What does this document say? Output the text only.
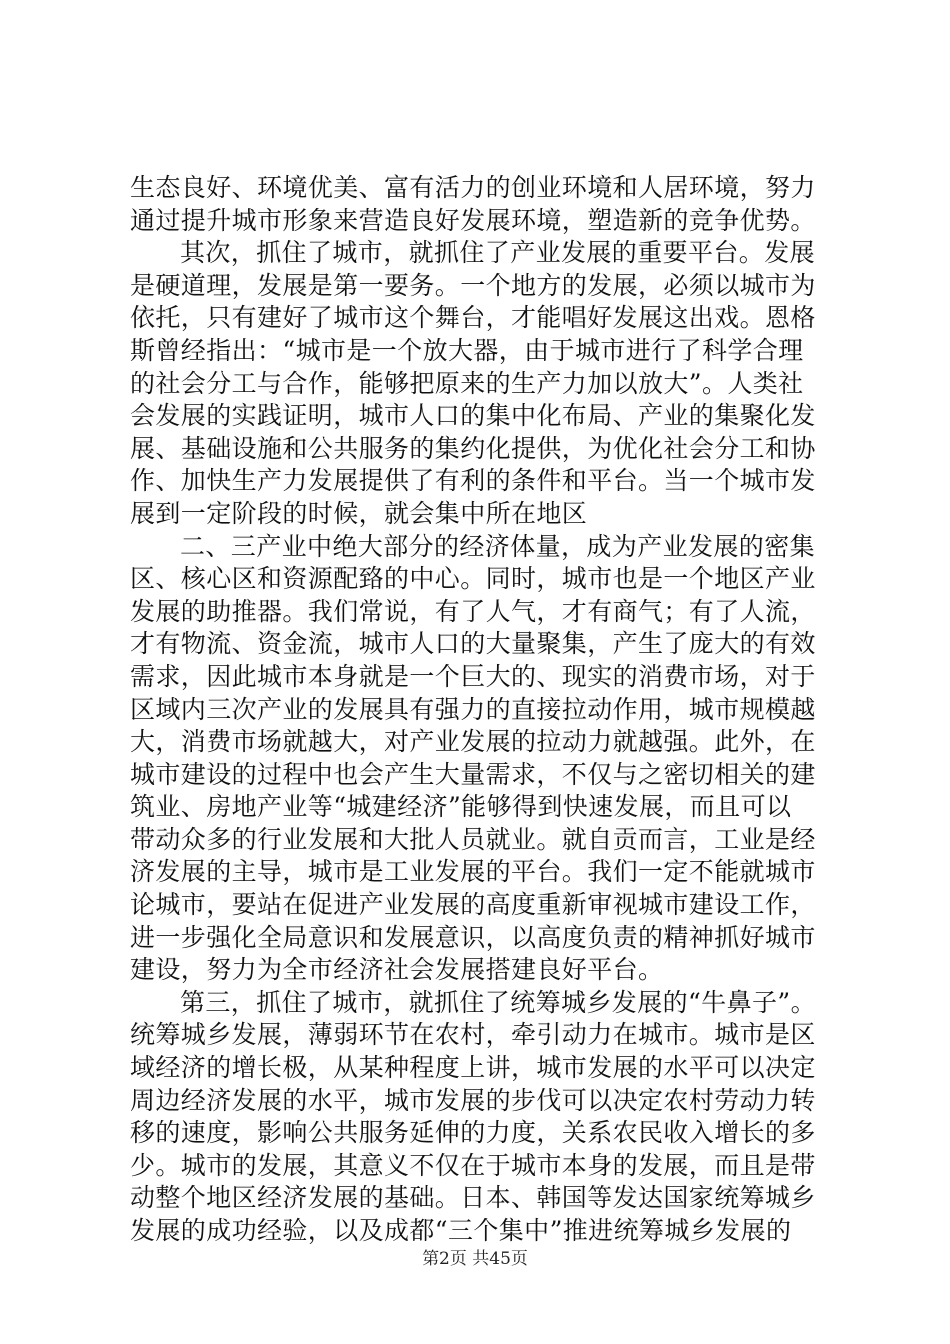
生态良好、环境优美、富有活力的创业环境和人居环境，努力
通过提升城市形象来营造良好发展环境，塑造新的竞争优势。
其次，抓住了城市，就抓住了产业发展的重要平台。发展
是硬道理，发展是第一要务。一个地方的发展，必须以城市为
依托，只有建好了城市这个舞台，才能唱好发展这出戏。恩格
斯曾经指出：“城市是一个放大器，由于城市进行了科学合理
的社会分工与合作，能够把原来的生产力加以放大”。人类社
会发展的实践证明，城市人口的集中化布局、产业的集聚化发
展、基础设施和公共服务的集约化提供，为优化社会分工和协
作、加快生产力发展提供了有利的条件和平台。当一个城市发
展到一定阶段的时候，就会集中所在地区
二、三产业中绝大部分的经济体量，成为产业发展的密集
区、核心区和资源配臵的中心。同时，城市也是一个地区产业
发展的助推器。我们常说，有了人气，才有商气；有了人流，
才有物流、资金流，城市人口的大量聚集，产生了庞大的有效
需求，因此城市本身就是一个巨大的、现实的消费市场，对于
区域内三次产业的发展具有强力的直接拉动作用，城市规模越
大，消费市场就越大，对产业发展的拉动力就越强。此外，在
城市建设的过程中也会产生大量需求，不仅与之密切相关的建
筑业、房地产业等“城建经济”能够得到快速发展，而且可以
带动众多的行业发展和大批人员就业。就自贡而言，工业是经
济发展的主导，城市是工业发展的平台。我们一定不能就城市
论城市，要站在促进产业发展的高度重新审视城市建设工作，
进一步强化全局意识和发展意识，以高度负责的精神抓好城市
建设，努力为全市经济社会发展搭建良好平台。
第三，抓住了城市，就抓住了统筹城乡发展的“牛鼻子”。
统筹城乡发展，薄弱环节在农村，牵引动力在城市。城市是区
域经济的增长极，从某种程度上讲，城市发展的水平可以决定
周边经济发展的水平，城市发展的步伐可以决定农村劳动力转
移的速度，影响公共服务延伸的力度，关系农民收入增长的多
少。城市的发展，其意义不仅在于城市本身的发展，而且是带
动整个地区经济发展的基础。日本、韩国等发达国家统筹城乡
发展的成功经验，以及成都“三个集中”推进统筹城乡发展的
第2页 共45页
